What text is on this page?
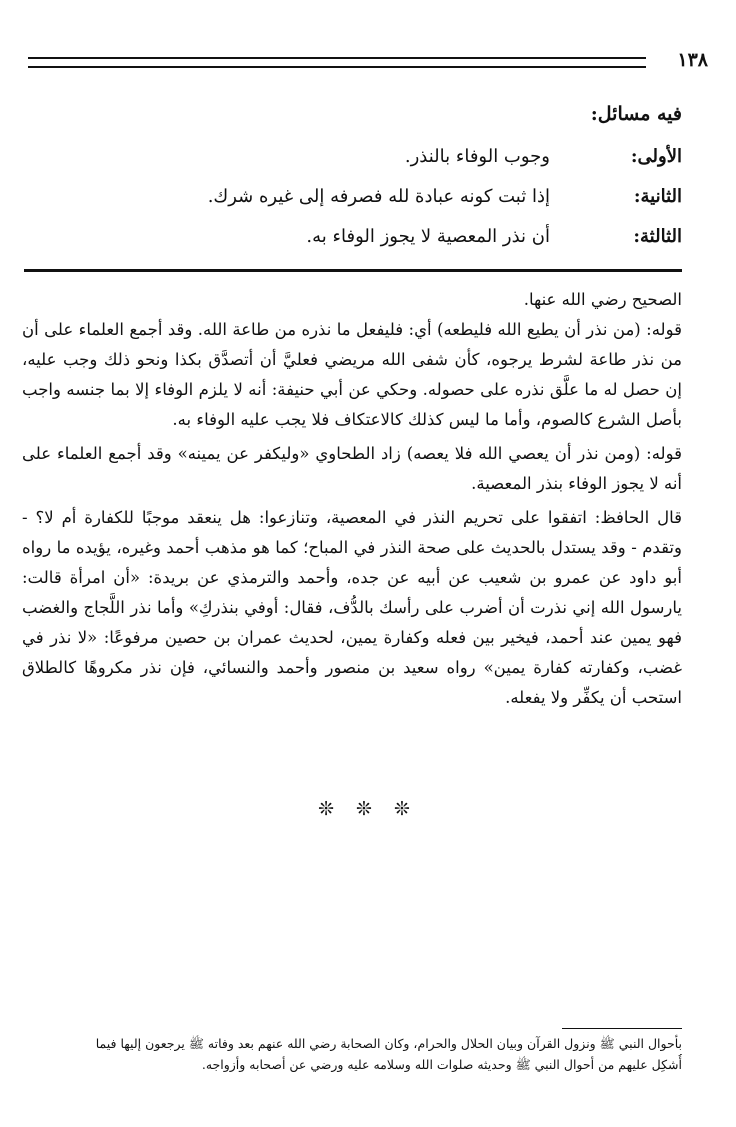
١٣٨
فيه مسائل:
الأولى:
وجوب الوفاء بالنذر.
الثانية:
إذا ثبت كونه عبادة لله فصرفه إلى غيره شرك.
الثالثة:
أن نذر المعصية لا يجوز الوفاء به.

الصحيح رضي الله عنها.

قوله: (من نذر أن يطيع الله فليطعه) أي: فليفعل ما نذره من طاعة الله. وقد أجمع العلماء على أن من نذر طاعة لشرط يرجوه، كأن شفى الله مريضي فعليَّ أن أتصدَّق بكذا ونحو ذلك وجب عليه، إن حصل له ما علَّق نذره على حصوله. وحكي عن أبي حنيفة: أنه لا يلزم الوفاء إلا بما جنسه واجب بأصل الشرع كالصوم، وأما ما ليس كذلك كالاعتكاف فلا يجب عليه الوفاء به.

قوله: (ومن نذر أن يعصي الله فلا يعصه) زاد الطحاوي «وليكفر عن يمينه» وقد أجمع العلماء على أنه لا يجوز الوفاء بنذر المعصية.

قال الحافظ: اتفقوا على تحريم النذر في المعصية، وتنازعوا: هل ينعقد موجبًا للكفارة أم لا؟ - وتقدم - وقد يستدل بالحديث على صحة النذر في المباح؛ كما هو مذهب أحمد وغيره، يؤيده ما رواه أبو داود عن عمرو بن شعيب عن أبيه عن جده، وأحمد والترمذي عن بريدة: «أن امرأة قالت: يارسول الله إني نذرت أن أضرب على رأسك بالدُّف، فقال: أوفي بنذركِ» وأما نذر اللَّجاج والغضب فهو يمين عند أحمد، فيخير بين فعله وكفارة يمين، لحديث عمران بن حصين مرفوعًا: «لا نذر في غضب، وكفارته كفارة يمين» رواه سعيد بن منصور وأحمد والنسائي، فإن نذر مكروهًا كالطلاق استحب أن يكفِّر ولا يفعله.

❊ ❊ ❊
بأحوال النبي ﷺ ونزول القرآن وبيان الحلال والحرام، وكان الصحابة رضي الله عنهم بعد وفاته ﷺ يرجعون إليها فيما
أُشكِل عليهم من أحوال النبي ﷺ وحديثه صلوات الله وسلامه عليه ورضي عن أصحابه وأزواجه.
